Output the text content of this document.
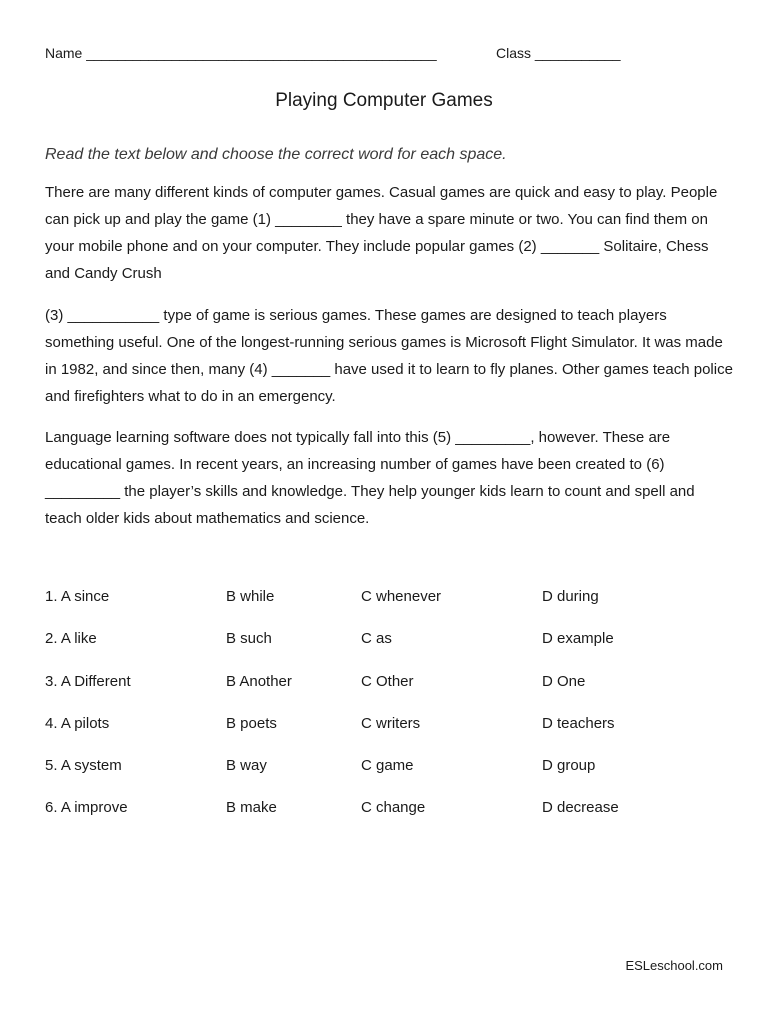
Name _____________________________________________	Class ___________
Playing Computer Games
Read the text below and choose the correct word for each space.

There are many different kinds of computer games. Casual games are quick and easy to play. People can pick up and play the game (1) ________ they have a spare minute or two. You can find them on your mobile phone and on your computer. They include popular games (2) _______ Solitaire, Chess and Candy Crush

(3) ___________ type of game is serious games. These games are designed to teach players something useful. One of the longest-running serious games is Microsoft Flight Simulator. It was made in 1982, and since then, many (4) _______ have used it to learn to fly planes. Other games teach police and firefighters what to do in an emergency.

Language learning software does not typically fall into this (5) _________, however. These are educational games. In recent years, an increasing number of games have been created to (6) _________ the player’s skills and knowledge. They help younger kids learn to count and spell and teach older kids about mathematics and science.

1. A since	B while	C whenever	D during
2. A like	B such	C as	D example
3. A Different	B Another	C Other	D One
4. A pilots	B poets	C writers	D teachers
5. A system	B way	C game	D group
6. A improve	B make	C change	D decrease
ESLeschool.com
